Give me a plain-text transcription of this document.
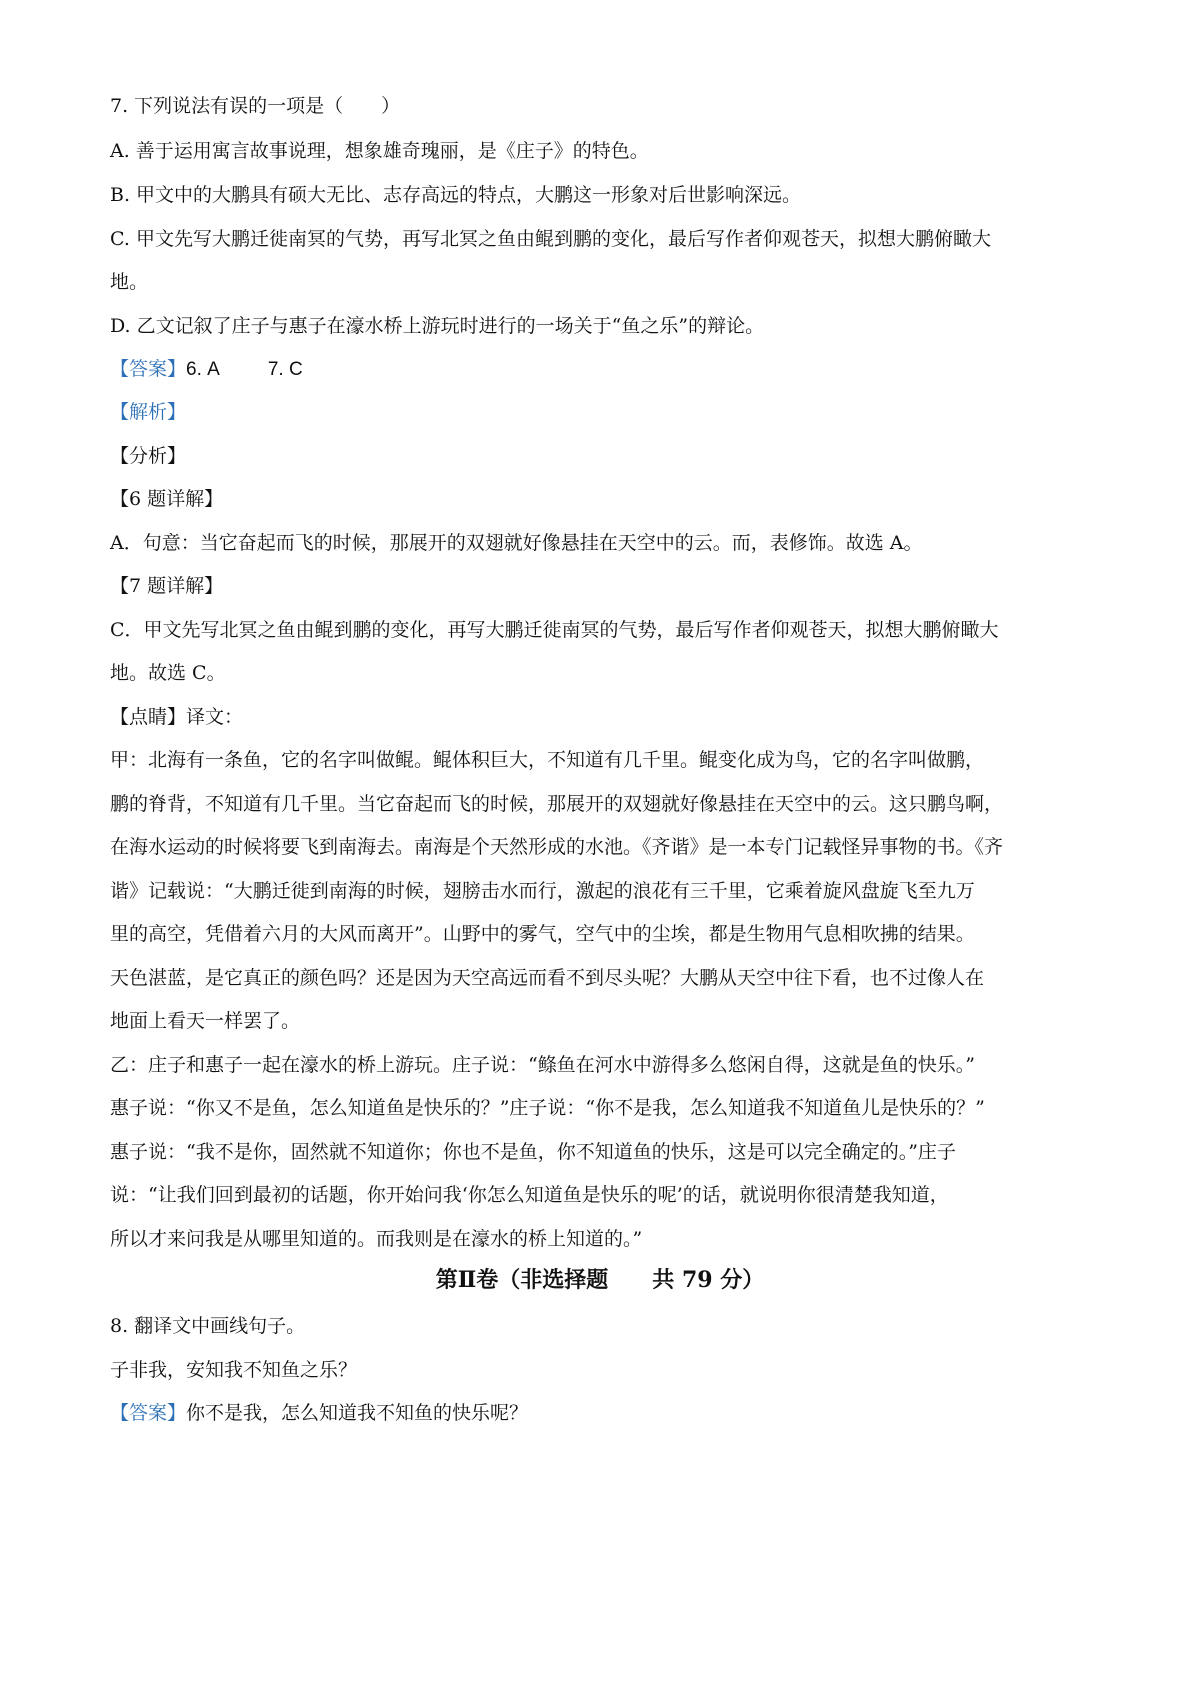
7. 下列说法有误的一项是（　　）
A. 善于运用寓言故事说理，想象雄奇瑰丽，是《庄子》的特色。
B. 甲文中的大鹏具有硕大无比、志存高远的特点，大鹏这一形象对后世影响深远。
C. 甲文先写大鹏迁徙南冥的气势，再写北冥之鱼由鲲到鹏的变化，最后写作者仰观苍天，拟想大鹏俯瞰大
地。
D. 乙文记叙了庄子与惠子在濠水桥上游玩时进行的一场关于“鱼之乐”的辩论。
【答案】6. A	7. C
【解析】
【分析】
【6 题详解】
A．句意：当它奋起而飞的时候，那展开的双翅就好像悬挂在天空中的云。而，表修饰。故选 A。
【7 题详解】
C．甲文先写北冥之鱼由鲲到鹏的变化，再写大鹏迁徙南冥的气势，最后写作者仰观苍天，拟想大鹏俯瞰大
地。故选 C。
【点睛】译文：
甲：北海有一条鱼，它的名字叫做鲲。鲲体积巨大，不知道有几千里。鲲变化成为鸟，它的名字叫做鹏，
鹏的脊背，不知道有几千里。当它奋起而飞的时候，那展开的双翅就好像悬挂在天空中的云。这只鹏鸟啊，
在海水运动的时候将要飞到南海去。南海是个天然形成的水池。《齐谐》是一本专门记载怪异事物的书。《齐
谐》记载说：“大鹏迁徙到南海的时候，翅膀击水而行，激起的浪花有三千里，它乘着旋风盘旋飞至九万
里的高空，凭借着六月的大风而离开”。山野中的雾气，空气中的尘埃，都是生物用气息相吹拂的结果。
天色湛蓝，是它真正的颜色吗？还是因为天空高远而看不到尽头呢？大鹏从天空中往下看，也不过像人在
地面上看天一样罢了。
乙：庄子和惠子一起在濠水的桥上游玩。庄子说：“鲦鱼在河水中游得多么悠闲自得，这就是鱼的快乐。”
惠子说：“你又不是鱼，怎么知道鱼是快乐的？”庄子说：“你不是我，怎么知道我不知道鱼儿是快乐的？”
惠子说：“我不是你，固然就不知道你；你也不是鱼，你不知道鱼的快乐，这是可以完全确定的。”庄子
说：“让我们回到最初的话题，你开始问我‘你怎么知道鱼是快乐的呢’的话，就说明你很清楚我知道，
所以才来问我是从哪里知道的。而我则是在濠水的桥上知道的。”
第Ⅱ卷（非选择题　　共 79 分）
8. 翻译文中画线句子。
子非我，安知我不知鱼之乐？
【答案】你不是我，怎么知道我不知鱼的快乐呢？
